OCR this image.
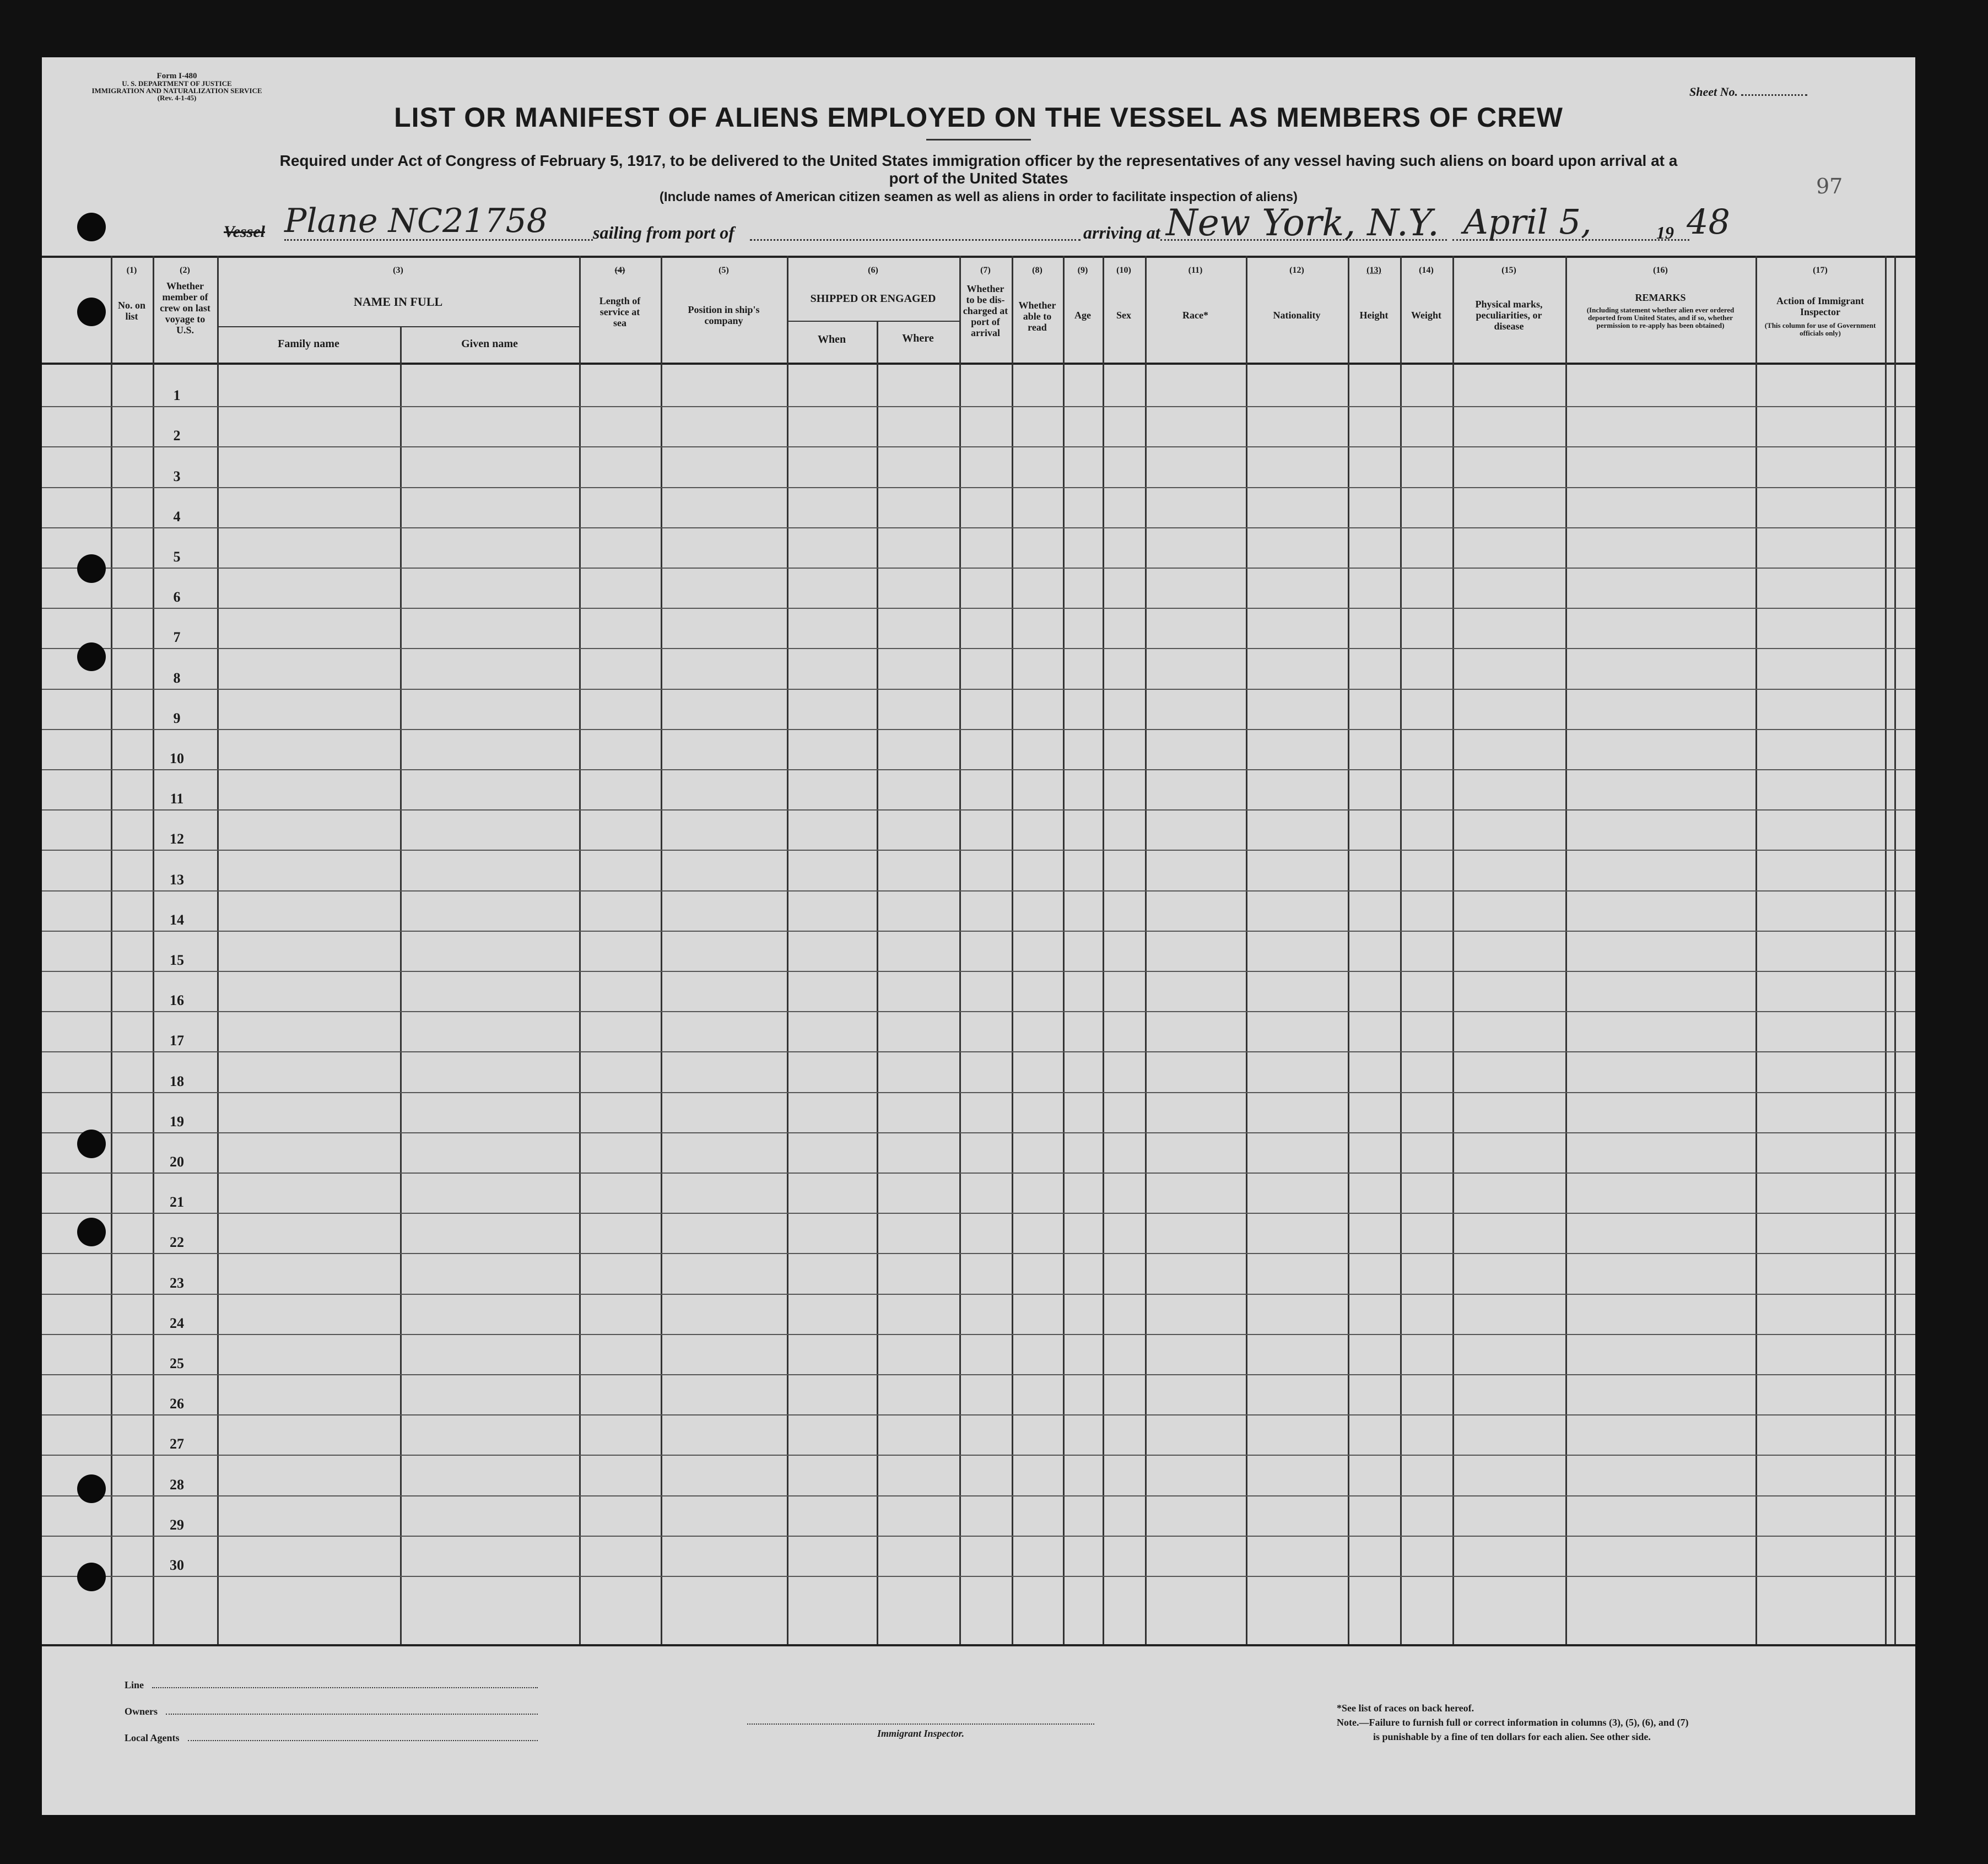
Form I-480
U. S. DEPARTMENT OF JUSTICE
IMMIGRATION AND NATURALIZATION SERVICE
(Rev. 4-1-45)	Sheet No.
LIST OR MANIFEST OF ALIENS EMPLOYED ON THE VESSEL AS MEMBERS OF CREW
Required under Act of Congress of February 5, 1917, to be delivered to the United States immigration officer by the representatives of any vessel having such aliens on board upon arrival at a
port of the United States
(Include names of American citizen seamen as well as aliens in order to facilitate inspection of aliens)	97
Vessel Plane NC21758	sailing from port of	arriving at New York, N.Y. April 5,	19 48
(1)
No. on list
(2)
Whether member of crew on last voyage to U.S.
(3)
NAME IN FULL
Family name	Given name
(4)
Length of service at sea
(5)
Position in ship's company
(6)
SHIPPED OR ENGAGED
When	Where
(7)
Whether to be dis- charged at port of arrival
(8)
Whether able to read
(9)
Age
(10)
Sex
(11)
Race*
(12)
Nationality
(13)
Height
(14)
Weight
(15)
Physical marks, peculiarities, or disease
(16)
REMARKS
(Including statement whether alien ever ordered deported from United States, and if so, whether permission to re-apply has been obtained)
(17)
Action of Immigrant Inspector
(This column for use of Government officials only)
1
2
3
4
5
6
7
8
9
10
11
12
13
14
15
16
17
18
19
20
21
22
23
24
25
26
27
28
29
30
Line
Owners
Local Agents	Immigrant Inspector.
*See list of races on back hereof.
Note.—Failure to furnish full or correct information in columns (3), (5), (6), and (7)
is punishable by a fine of ten dollars for each alien. See other side.
